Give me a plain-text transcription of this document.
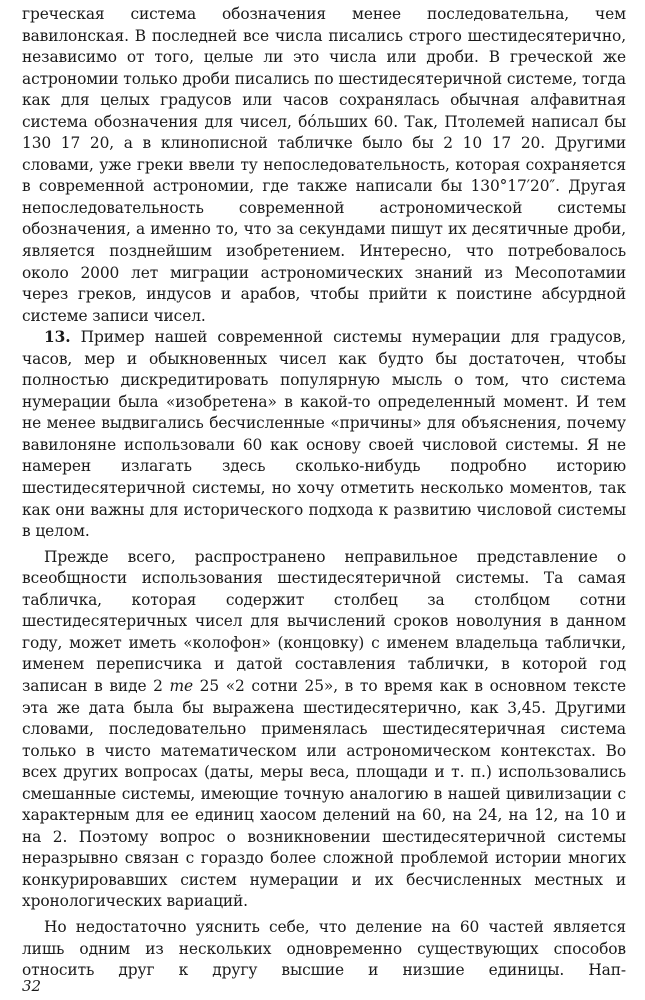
греческая система обозначения менее последовательна, чем вавилонская. В последней все числа писались строго шестидесятерично, независимо от того, целые ли это числа или дроби. В греческой же астрономии только дроби писались по шестидесятеричной системе, тогда как для целых градусов или часов сохранялась обычная алфавитная система обозначения для чисел, бо́льших 60. Так, Птолемей написал бы 130 17 20, а в клинописной табличке было бы 2 10 17 20. Другими словами, уже греки ввели ту непоследовательность, которая сохраняется в современной астрономии, где также написали бы 130°17′20″. Другая непоследовательность современной астрономической системы обозначения, а именно то, что за секундами пишут их десятичные дроби, является позднейшим изобретением. Интересно, что потребовалось около 2000 лет миграции астрономических знаний из Месопотамии через греков, индусов и арабов, чтобы прийти к поистине абсурдной системе записи чисел.

13. Пример нашей современной системы нумерации для градусов, часов, мер и обыкновенных чисел как будто бы достаточен, чтобы полностью дискредитировать популярную мысль о том, что система нумерации была «изобретена» в какой-то определенный момент. И тем не менее выдвигались бесчисленные «причины» для объяснения, почему вавилоняне использовали 60 как основу своей числовой системы. Я не намерен излагать здесь сколько-нибудь подробно историю шестидесятеричной системы, но хочу отметить несколько моментов, так как они важны для исторического подхода к развитию числовой системы в целом.

Прежде всего, распространено неправильное представление о всеобщности использования шестидесятеричной системы. Та самая табличка, которая содержит столбец за столбцом сотни шестидесятеричных чисел для вычислений сроков новолуния в данном году, может иметь «колофон» (концовку) с именем владельца таблички, именем переписчика и датой составления таблички, в которой год записан в виде 2 me 25 «2 сотни 25», в то время как в основном тексте эта же дата была бы выражена шестидесятерично, как 3,45. Другими словами, последовательно применялась шестидесятеричная система только в чисто математическом или астрономическом контекстах. Во всех других вопросах (даты, меры веса, площади и т. п.) использовались смешанные системы, имеющие точную аналогию в нашей цивилизации с характерным для ее единиц хаосом делений на 60, на 24, на 12, на 10 и на 2. Поэтому вопрос о возникновении шестидесятеричной системы неразрывно связан с гораздо более сложной проблемой истории многих конкурировавших систем нумерации и их бесчисленных местных и хронологических вариаций.

Но недостаточно уяснить себе, что деление на 60 частей является лишь одним из нескольких одновременно существующих способов относить друг к другу высшие и низшие единицы. Нап-

32
